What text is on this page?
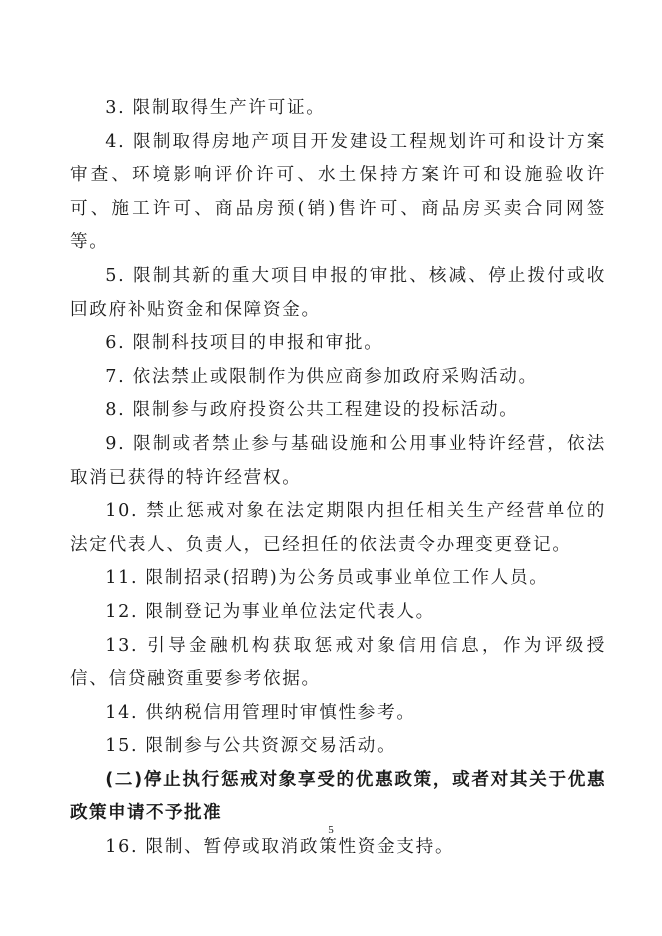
3. 限制取得生产许可证。

4. 限制取得房地产项目开发建设工程规划许可和设计方案审查、环境影响评价许可、水土保持方案许可和设施验收许可、施工许可、商品房预(销)售许可、商品房买卖合同网签等。

5. 限制其新的重大项目申报的审批、核减、停止拨付或收回政府补贴资金和保障资金。

6. 限制科技项目的申报和审批。

7. 依法禁止或限制作为供应商参加政府采购活动。

8. 限制参与政府投资公共工程建设的投标活动。

9. 限制或者禁止参与基础设施和公用事业特许经营，依法取消已获得的特许经营权。

10. 禁止惩戒对象在法定期限内担任相关生产经营单位的法定代表人、负责人，已经担任的依法责令办理变更登记。

11. 限制招录(招聘)为公务员或事业单位工作人员。

12. 限制登记为事业单位法定代表人。

13. 引导金融机构获取惩戒对象信用信息，作为评级授信、信贷融资重要参考依据。

14. 供纳税信用管理时审慎性参考。

15. 限制参与公共资源交易活动。

(二)停止执行惩戒对象享受的优惠政策，或者对其关于优惠政策申请不予批准

16. 限制、暂停或取消政策性资金支持。

5
